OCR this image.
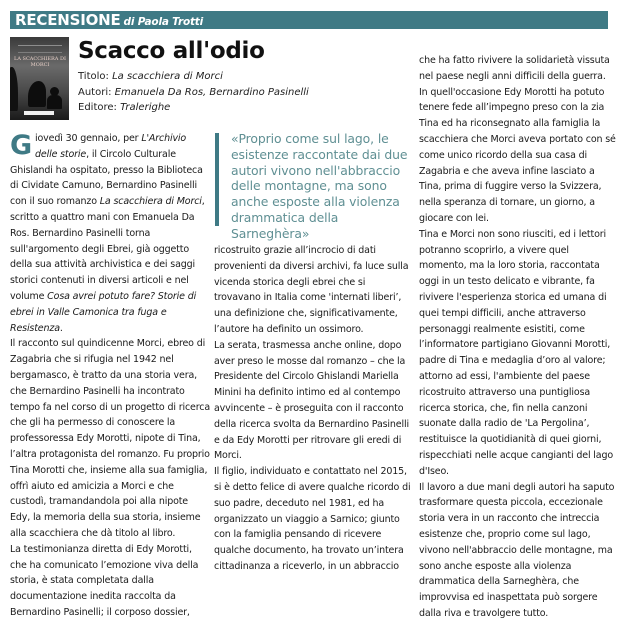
RECENSIONE di Paola Trotti
LA SCACCHIERA DI MORCI
Scacco all'odio
Titolo: La scacchiera di Morci
Autori: Emanuela Da Ros, Bernardino Pasinelli
Editore: Tralerighe

Giovedì 30 gennaio, per L'Archivio delle storie, il Circolo Culturale Ghislandi ha ospitato, presso la Biblioteca di Cividate Camuno, Bernardino Pasinelli con il suo romanzo La scacchiera di Morci, scritto a quattro mani con Emanuela Da Ros. Bernardino Pasinelli torna sull'argomento degli Ebrei, già oggetto della sua attività archivistica e dei saggi storici contenuti in diversi articoli e nel volume Cosa avrei potuto fare? Storie di ebrei in Valle Camonica tra fuga e Resistenza.

Il racconto sul quindicenne Morci, ebreo di Zagabria che si rifugia nel 1942 nel bergamasco, è tratto da una storia vera, che Bernardino Pasinelli ha incontrato tempo fa nel corso di un progetto di ricerca che gli ha permesso di conoscere la professoressa Edy Morotti, nipote di Tina, l’altra protagonista del romanzo. Fu proprio Tina Morotti che, insieme alla sua famiglia, offrì aiuto ed amicizia a Morci e che custodì, tramandandola poi alla nipote Edy, la memoria della sua storia, insieme alla scacchiera che dà titolo al libro.

La testimonianza diretta di Edy Morotti, che ha comunicato l’emozione viva della storia, è stata completata dalla documentazione inedita raccolta da Bernardino Pasinelli; il corposo dossier,

«Proprio come sul lago, le esistenze raccontate dai due autori vivono nell'abbraccio delle montagne, ma sono anche esposte alla violenza drammatica della Sarneghèra»

ricostruito grazie all’incrocio di dati provenienti da diversi archivi, fa luce sulla vicenda storica degli ebrei che si trovavano in Italia come 'internati liberi’, una definizione che, significativamente, l’autore ha definito un ossimoro.

La serata, trasmessa anche online, dopo aver preso le mosse dal romanzo – che la Presidente del Circolo Ghislandi Mariella Minini ha definito intimo ed al contempo avvincente – è proseguita con il racconto della ricerca svolta da Bernardino Pasinelli e da Edy Morotti per ritrovare gli eredi di Morci.

Il figlio, individuato e contattato nel 2015, si è detto felice di avere qualche ricordo di suo padre, deceduto nel 1981, ed ha organizzato un viaggio a Sarnico; giunto con la famiglia pensando di ricevere qualche documento, ha trovato un’intera cittadinanza a riceverlo, in un abbraccio

che ha fatto rivivere la solidarietà vissuta nel paese negli anni difficili della guerra.

In quell'occasione Edy Morotti ha potuto tenere fede all’impegno preso con la zia Tina ed ha riconsegnato alla famiglia la scacchiera che Morci aveva portato con sé come unico ricordo della sua casa di Zagabria e che aveva infine lasciato a Tina, prima di fuggire verso la Svizzera, nella speranza di tornare, un giorno, a giocare con lei.

Tina e Morci non sono riusciti, ed i lettori potranno scoprirlo, a vivere quel momento, ma la loro storia, raccontata oggi in un testo delicato e vibrante, fa rivivere l'esperienza storica ed umana di quei tempi difficili, anche attraverso personaggi realmente esistiti, come l’informatore partigiano Giovanni Morotti, padre di Tina e medaglia d’oro al valore; attorno ad essi, l'ambiente del paese ricostruito attraverso una puntigliosa ricerca storica, che, fin nella canzoni suonate dalla radio de 'La Pergolina’, restituisce la quotidianità di quei giorni, rispecchiati nelle acque cangianti del lago d'Iseo.

Il lavoro a due mani degli autori ha saputo trasformare questa piccola, eccezionale storia vera in un racconto che intreccia esistenze che, proprio come sul lago, vivono nell'abbraccio delle montagne, ma sono anche esposte alla violenza drammatica della Sarneghèra, che improvvisa ed inaspettata può sorgere dalla riva e travolgere tutto.
